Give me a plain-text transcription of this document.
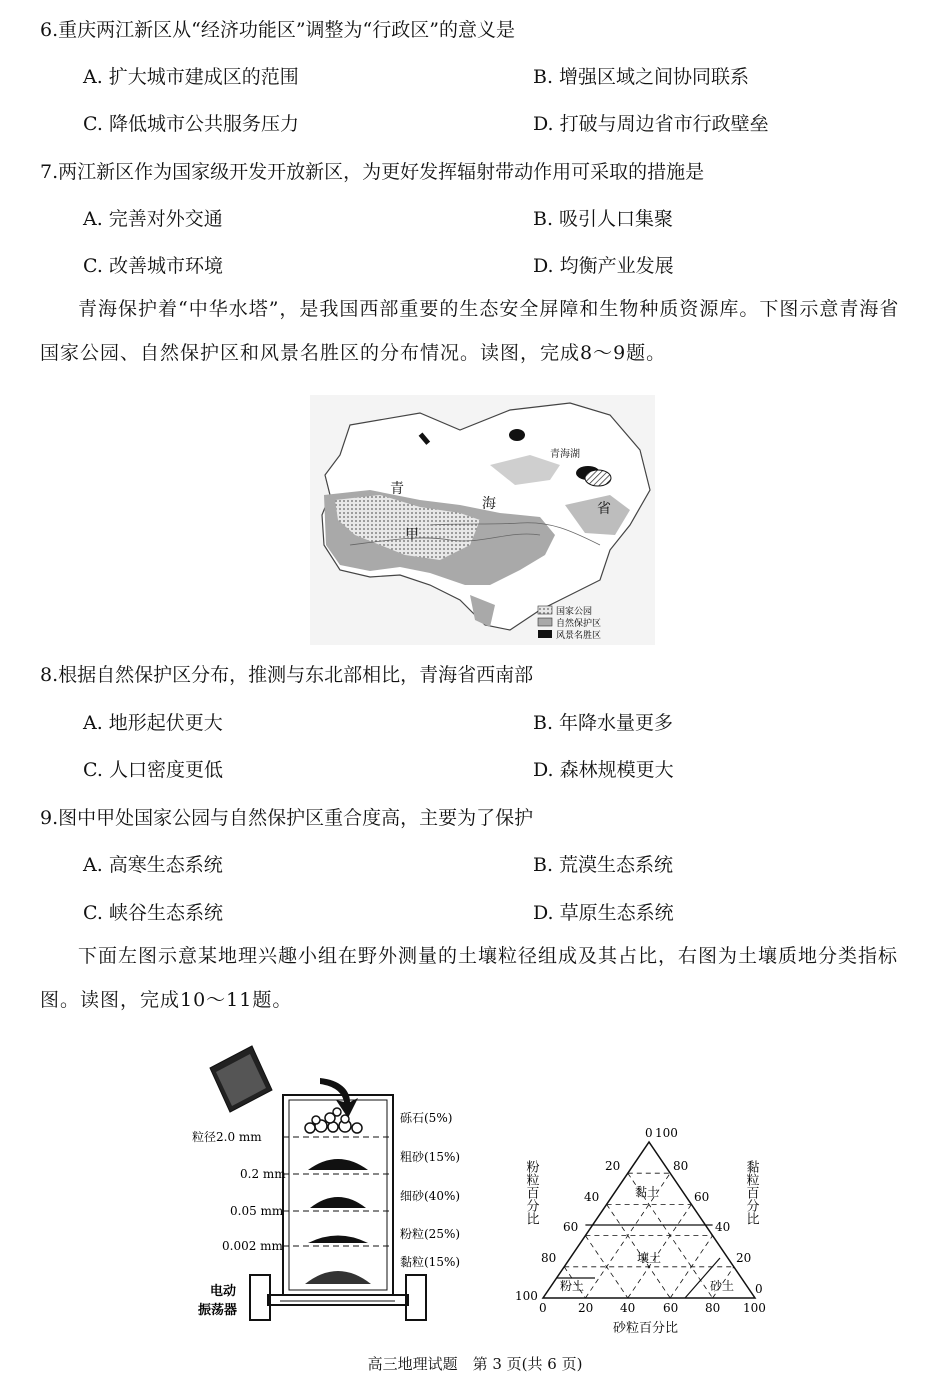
6.重庆两江新区从“经济功能区”调整为“行政区”的意义是
A. 扩大城市建成区的范围	B. 增强区域之间协同联系
C. 降低城市公共服务压力	D. 打破与周边省市行政壁垒
7.两江新区作为国家级开发开放新区，为更好发挥辐射带动作用可采取的措施是
A. 完善对外交通	B. 吸引人口集聚
C. 改善城市环境	D. 均衡产业发展
青海保护着“中华水塔”，是我国西部重要的生态安全屏障和生物种质资源库。下图示意青海省国家公园、自然保护区和风景名胜区的分布情况。读图，完成8～9题。
青海湖
青
海	省
甲
国家公园
自然保护区
风景名胜区
8.根据自然保护区分布，推测与东北部相比，青海省西南部
A. 地形起伏更大	B. 年降水量更多
C. 人口密度更低	D. 森林规模更大
9.图中甲处国家公园与自然保护区重合度高，主要为了保护
A. 高寒生态系统	B. 荒漠生态系统
C. 峡谷生态系统	D. 草原生态系统
下面左图示意某地理兴趣小组在野外测量的土壤粒径组成及其占比，右图为土壤质地分类指标图。读图，完成10～11题。
粒径2.0 mm
0.2 mm
0.05 mm
0.002 mm
砾石(5%)
粗砂(15%)
细砂(40%)
粉粒(25%)
黏粒(15%)
电动
振荡器
黏土
壤土
粉土	砂土
0
20
40
60
80
100
100
80
60
40
20
0
0	20 40 60 80 100
粉粒百分比	黏粒百分比
砂粒百分比
高三地理试题　第 3 页(共 6 页)
